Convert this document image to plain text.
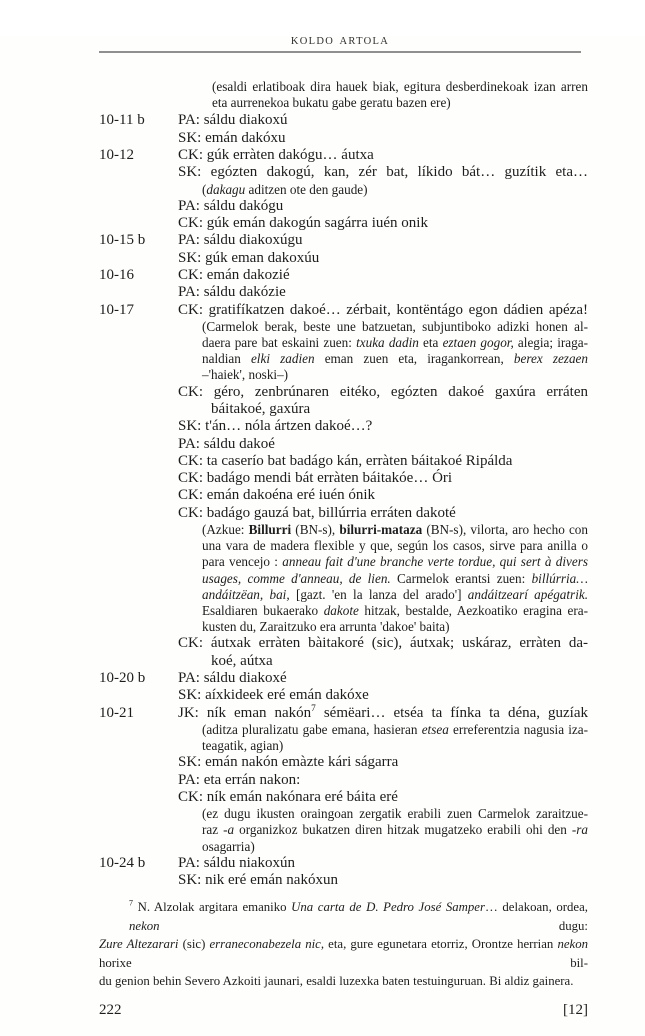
KOLDO ARTOLA
(esaldi erlatiboak dira hauek biak, egitura desberdinekoak izan arren
eta aurrenekoa bukatu gabe geratu bazen ere)
10-11 b	PA: sáldu diakoxú
SK: emán dakóxu
10-12	CK: gúk erràten dakógu… áutxa
SK: egózten dakogú, kan, zér bat, líkido bát… guzítik eta…
(dakagu aditzen ote den gaude)
PA: sáldu dakógu
CK: gúk emán dakogún sagárra iuén onik
10-15 b	PA: sáldu diakoxúgu
SK: gúk eman dakoxúu
10-16	CK: emán dakozié
PA: sáldu dakózie
10-17	CK: gratifíkatzen dakoé… zérbait, kontëntágo egon dádien apéza!
(Carmelok berak, beste une batzuetan, subjuntiboko adizki honen al-
daera pare bat eskaini zuen: txuka dadin eta eztaen gogor, alegia; iraga-
naldian elki zadien eman zuen eta, iragankorrean, berex zezaen
–'haiek', noski–)
CK: géro, zenbrúnaren eitéko, egózten dakoé gaxúra erráten
báitakoé, gaxúra
SK: t'án… nóla ártzen dakoé…?
PA: sáldu dakoé
CK: ta caserío bat badágo kán, erràten báitakoé Ripálda
CK: badágo mendi bát erràten báitakóe… Óri
CK: emán dakoéna eré iuén ónik
CK: badágo gauzá bat, billúrria erráten dakoté
(Azkue: Billurri (BN-s), bilurri-mataza (BN-s), vilorta, aro hecho con
una vara de madera flexible y que, según los casos, sirve para anilla o
para vencejo : anneau fait d'une branche verte tordue, qui sert à divers
usages, comme d'anneau, de lien. Carmelok erantsi zuen: billúrria…
andáitzëan, bai, [gazt. 'en la lanza del arado'] andáitzearí apégatrik.
Esaldiaren bukaerako dakote hitzak, bestalde, Aezkoatiko eragina era-
kusten du, Zaraitzuko era arrunta 'dakoe' baita)
CK: áutxak erràten bàitakoré (sic), áutxak; uskáraz, erràten da-
koé, aútxa
10-20 b	PA: sáldu diakoxé
SK: aíxkideek eré emán dakóxe
10-21	JK: ník eman nakón$^7$ sémëari… etséa ta fínka ta déna, guzíak
(aditza pluralizatu gabe emana, hasieran etsea erreferentzia nagusia iza-
teagatik, agian)
SK: emán nakón emàzte kári ságarra
PA: eta errán nakon:
CK: ník emán nakónara eré báita eré
(ez dugu ikusten oraingoan zergatik erabili zuen Carmelok zaraitzue-
raz -a organizkoz bukatzen diren hitzak mugatzeko erabili ohi den -ra
osagarria)
10-24 b	PA: sáldu niakoxún
SK: nik eré emán nakóxun
$^7$ N. Alzolak argitara emaniko Una carta de D. Pedro José Samper… delakoan, ordea, nekon dugu:
Zure Altezarari (sic) erraneconabezela nic, eta, gure egunetara etorriz, Orontze herrian nekon horixe bil-
du genion behin Severo Azkoiti jaunari, esaldi luzexka baten testuinguruan. Bi aldiz gainera.
222	[12]
